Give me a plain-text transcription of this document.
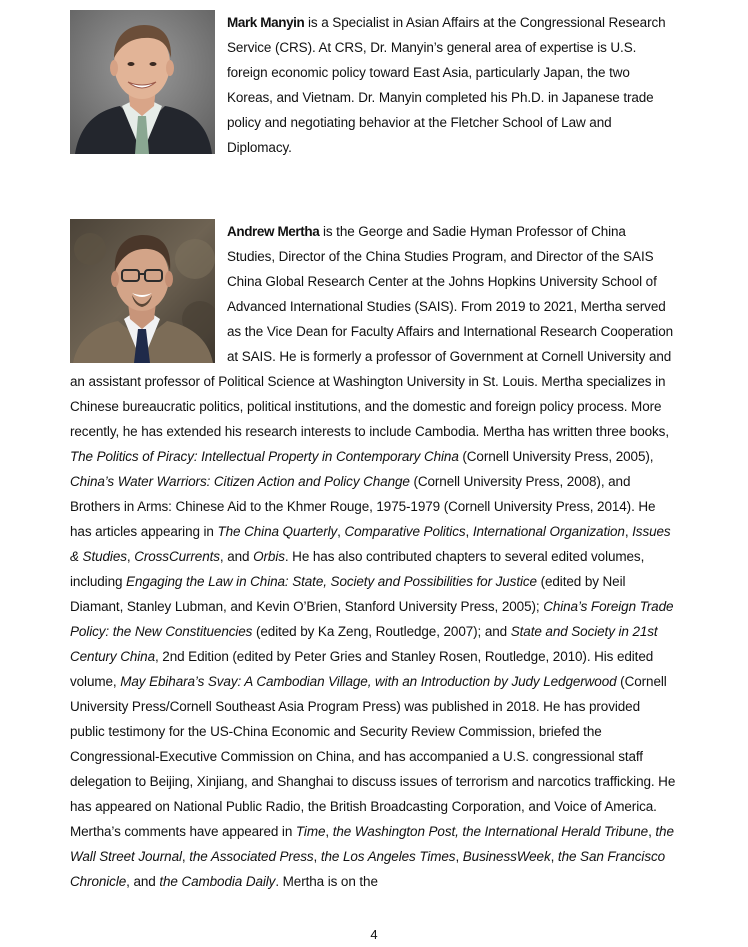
Mark Manyin is a Specialist in Asian Affairs at the Congressional Research Service (CRS). At CRS, Dr. Manyin’s general area of expertise is U.S. foreign economic policy toward East Asia, particularly Japan, the two Koreas, and Vietnam. Dr. Manyin completed his Ph.D. in Japanese trade policy and negotiating behavior at the Fletcher School of Law and Diplomacy.

Andrew Mertha is the George and Sadie Hyman Professor of China Studies, Director of the China Studies Program, and Director of the SAIS China Global Research Center at the Johns Hopkins University School of Advanced International Studies (SAIS). From 2019 to 2021, Mertha served as the Vice Dean for Faculty Affairs and International Research Cooperation at SAIS. He is formerly a professor of Government at Cornell University and an assistant professor of Political Science at Washington University in St. Louis. Mertha specializes in Chinese bureaucratic politics, political institutions, and the domestic and foreign policy process. More recently, he has extended his research interests to include Cambodia. Mertha has written three books, The Politics of Piracy: Intellectual Property in Contemporary China (Cornell University Press, 2005), China’s Water Warriors: Citizen Action and Policy Change (Cornell University Press, 2008), and Brothers in Arms: Chinese Aid to the Khmer Rouge, 1975-1979 (Cornell University Press, 2014). He has articles appearing in The China Quarterly, Comparative Politics, International Organization, Issues & Studies, CrossCurrents, and Orbis. He has also contributed chapters to several edited volumes, including Engaging the Law in China: State, Society and Possibilities for Justice (edited by Neil Diamant, Stanley Lubman, and Kevin O’Brien, Stanford University Press, 2005); China’s Foreign Trade Policy: the New Constituencies (edited by Ka Zeng, Routledge, 2007); and State and Society in 21st Century China, 2nd Edition (edited by Peter Gries and Stanley Rosen, Routledge, 2010). His edited volume, May Ebihara’s Svay: A Cambodian Village, with an Introduction by Judy Ledgerwood (Cornell University Press/Cornell Southeast Asia Program Press) was published in 2018. He has provided public testimony for the US-China Economic and Security Review Commission, briefed the Congressional-Executive Commission on China, and has accompanied a U.S. congressional staff delegation to Beijing, Xinjiang, and Shanghai to discuss issues of terrorism and narcotics trafficking. He has appeared on National Public Radio, the British Broadcasting Corporation, and Voice of America. Mertha’s comments have appeared in Time, the Washington Post, the International Herald Tribune, the Wall Street Journal, the Associated Press, the Los Angeles Times, BusinessWeek, the San Francisco Chronicle, and the Cambodia Daily. Mertha is on the

4
